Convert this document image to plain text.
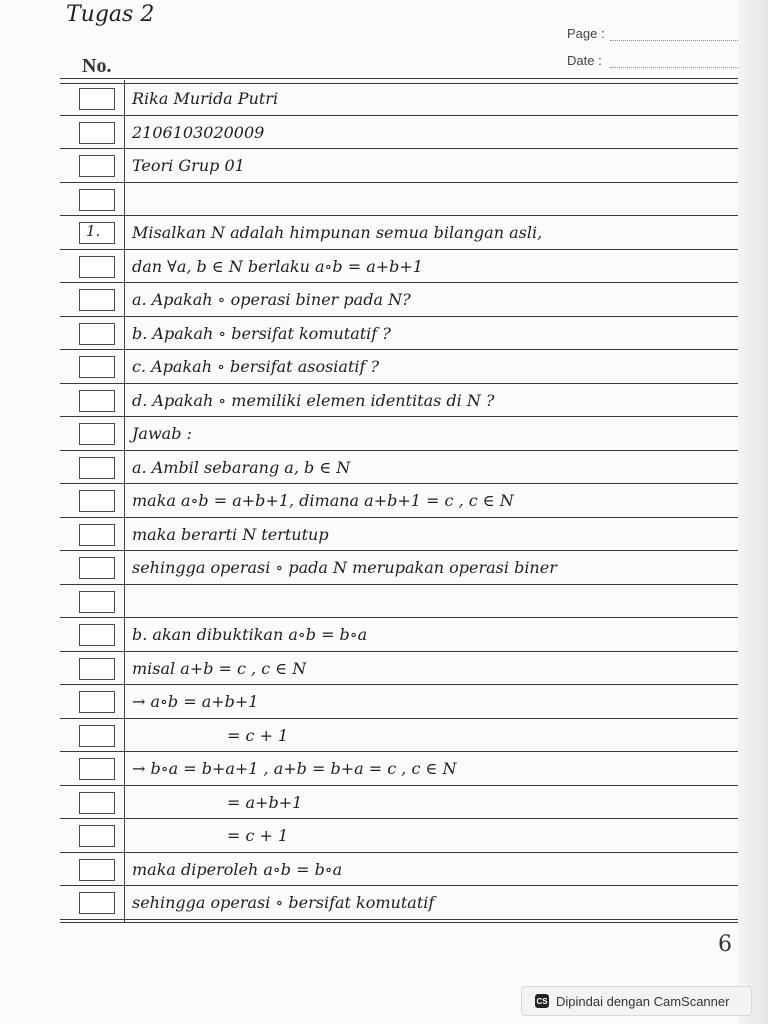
Tugas 2
No.
Page :
Date :
Rika Murida Putri
2106103020009
Teori Grup 01
1. Misalkan N adalah himpunan semua bilangan asli,
dan ∀a, b ∈ N berlaku a∘b = a+b+1
a. Apakah ∘ operasi biner pada N?
b. Apakah ∘ bersifat komutatif ?
c. Apakah ∘ bersifat asosiatif ?
d. Apakah ∘ memiliki elemen identitas di N ?
Jawab :
a. Ambil sebarang a, b ∈ N
maka a∘b = a+b+1, dimana a+b+1 = c , c ∈ N
maka berarti N tertutup
sehingga operasi ∘ pada N merupakan operasi biner
b. akan dibuktikan a∘b = b∘a
misal a+b = c , c ∈ N
→ a∘b = a+b+1
= c + 1
→ b∘a = b+a+1 , a+b = b+a = c , c ∈ N
= a+b+1
= c + 1
maka diperoleh a∘b = b∘a
sehingga operasi ∘ bersifat komutatif
6
CS Dipindai dengan CamScanner
